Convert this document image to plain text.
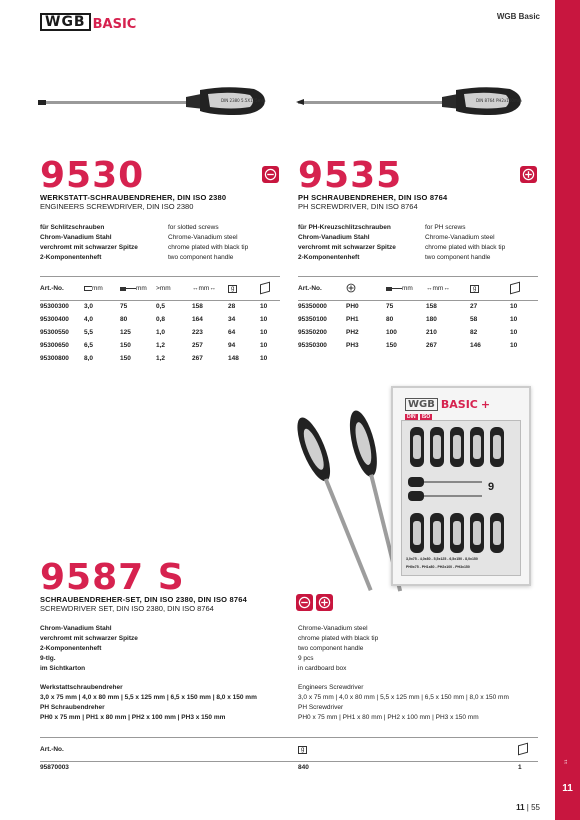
WGB BASIC
WGB Basic
11
11
DIN 2380 5.5X125mm	DIN 8764 PH2x100mm
9530
WERKSTATT-SCHRAUBENDREHER, DIN ISO 2380
ENGINEERS SCREWDRIVER, DIN ISO 2380
für Schlitzschrauben
Chrom-Vanadium Stahl
verchromt mit schwarzer Spitze
2-Komponentenheft
for slotted screws
Chrome-Vanadium steel
chrome plated with black tip
two component handle
Art.-No.	mm	mm	>mm	↔mm↔	g	
95300300	3,0	75	0,5	158	28	10
95300400	4,0	80	0,8	164	34	10
95300550	5,5	125	1,0	223	64	10
95300650	6,5	150	1,2	257	94	10
95300800	8,0	150	1,2	267	148	10
9535
PH SCHRAUBENDREHER, DIN ISO 8764
PH SCREWDRIVER, DIN ISO 8764
für PH-Kreuzschlitzschrauben
Chrom-Vanadium Stahl
verchromt mit schwarzer Spitze
2-Komponentenheft
for PH screws
Chrome-Vanadium steel
chrome plated with black tip
two component handle
Art.-No.		mm	↔mm↔	g	
95350000	PH0	75	158	27	10
95350100	PH1	80	180	58	10
95350200	PH2	100	210	82	10
95350300	PH3	150	267	146	10
WGB BASIC +
DIN	ISO
9
3,0x75 - 4,0x80 - 5,5x125 - 6,5x150 - 8,0x150
PH0x75 - PH1x80 - PH2x100 - PH3x150
9587 S
SCHRAUBENDREHER-SET, DIN ISO 2380, DIN ISO 8764
SCREWDRIVER SET, DIN ISO 2380, DIN ISO 8764
Chrom-Vanadium Stahl
verchromt mit schwarzer Spitze
2-Komponentenheft
9-tlg.
im Sichtkarton
Chrome-Vanadium steel
chrome plated with black tip
two component handle
9 pcs
in cardboard box
Werkstattschraubendreher
3,0 x 75 mm | 4,0 x 80 mm | 5,5 x 125 mm | 6,5 x 150 mm | 8,0 x 150 mm
PH Schraubendreher
PH0 x 75 mm | PH1 x 80 mm | PH2 x 100 mm | PH3 x 150 mm
Engineers Screwdriver
3,0 x 75 mm | 4,0 x 80 mm | 5,5 x 125 mm | 6,5 x 150 mm | 8,0 x 150 mm
PH Screwdriver
PH0 x 75 mm | PH1 x 80 mm | PH2 x 100 mm | PH3 x 150 mm
Art.-No.	g	
95870003	840	1
11 | 55
